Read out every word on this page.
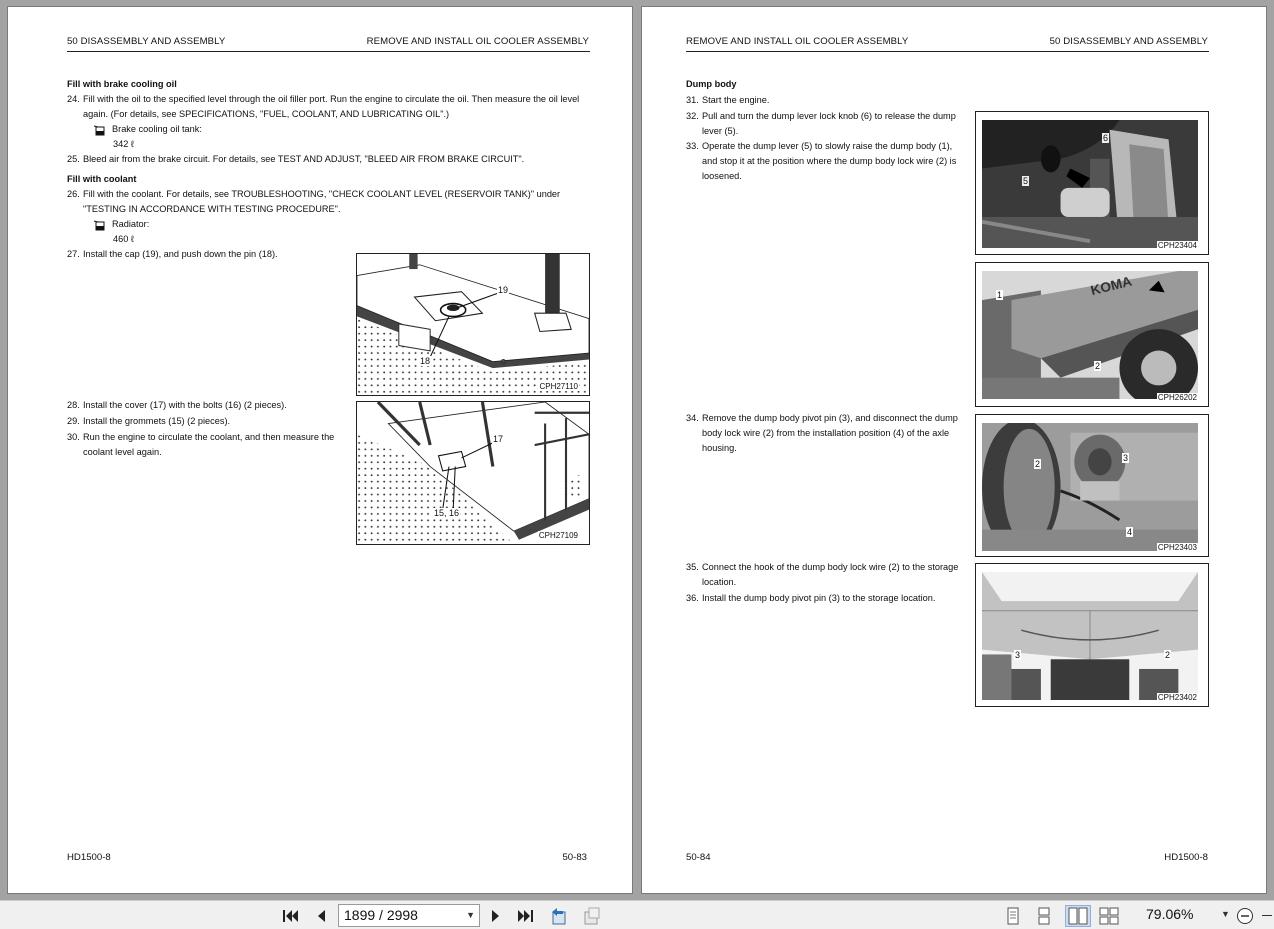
50 DISASSEMBLY AND ASSEMBLY	REMOVE AND INSTALL OIL COOLER ASSEMBLY
Fill with brake cooling oil
24. Fill with the oil to the specified level through the oil filler port. Run the engine to circulate the oil. Then measure the oil level again. (For details, see SPECIFICATIONS, "FUEL, COOLANT, AND LUBRICATING OIL".)
Brake cooling oil tank:
342 ℓ
25. Bleed air from the brake circuit. For details, see TEST AND ADJUST, "BLEED AIR FROM BRAKE CIRCUIT".
Fill with coolant
26. Fill with the coolant. For details, see TROUBLESHOOTING, "CHECK COOLANT LEVEL (RESERVOIR TANK)" under "TESTING IN ACCORDANCE WITH TESTING PROCEDURE".
Radiator:
460 ℓ
27. Install the cap (19), and push down the pin (18).
28. Install the cover (17) with the bolts (16) (2 pieces).
29. Install the grommets (15) (2 pieces).
30. Run the engine to circulate the coolant, and then measure the coolant level again.
19
18
CPH27110
17
15, 16
CPH27109
HD1500-8	50-83
REMOVE AND INSTALL OIL COOLER ASSEMBLY	50 DISASSEMBLY AND ASSEMBLY
Dump body
31. Start the engine.
32. Pull and turn the dump lever lock knob (6) to release the dump lever (5).
33. Operate the dump lever (5) to slowly raise the dump body (1), and stop it at the position where the dump body lock wire (2) is loosened.
34. Remove the dump body pivot pin (3), and disconnect the dump body lock wire (2) from the installation position (4) of the axle housing.
35. Connect the hook of the dump body lock wire (2) to the storage location.
36. Install the dump body pivot pin (3) to the storage location.
6
5
CPH23404
KOMA
1
2
CPH26202
2
3
4
CPH23403
3	2
CPH23402
50-84	HD1500-8
1899 / 2998	▼	79.06%	▼
